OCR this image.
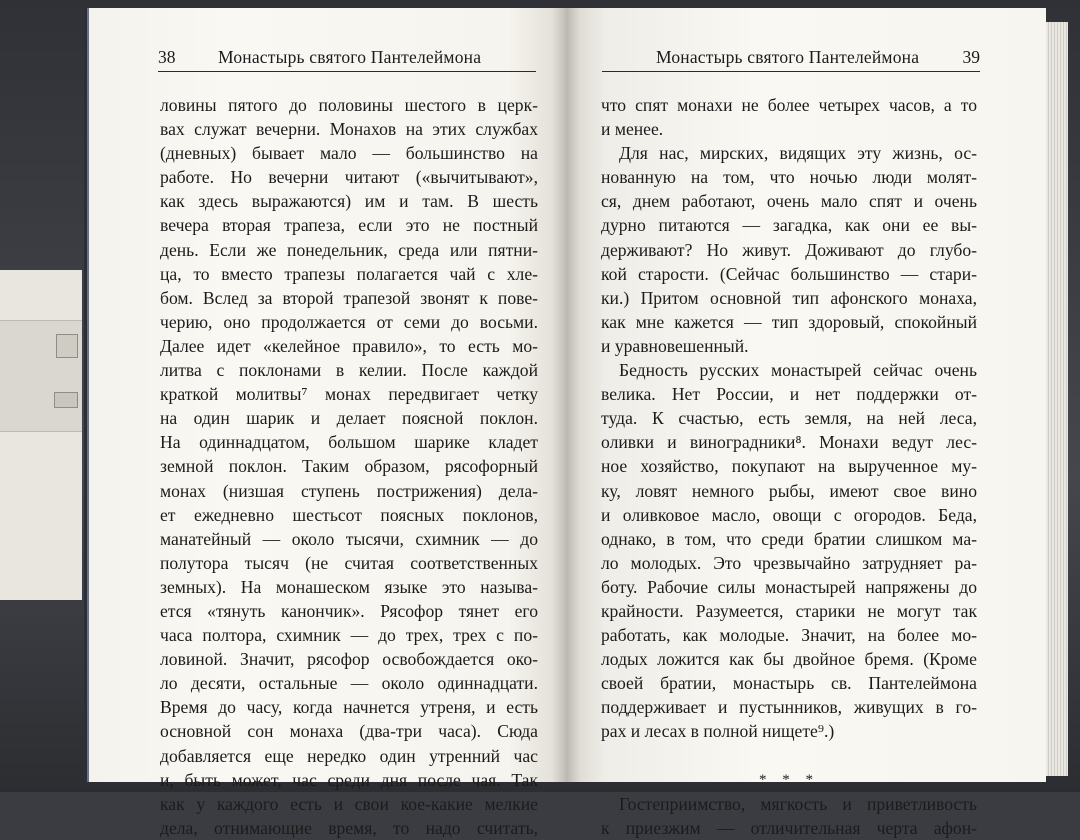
38 Монастырь святого Пантелеймона	Монастырь святого Пантелеймона 39
ловины пятого до половины шестого в церк-
вах служат вечерни. Монахов на этих службах
(дневных) бывает мало — большинство на
работе. Но вечерни читают («вычитывают»,
как здесь выражаются) им и там. В шесть
вечера вторая трапеза, если это не постный
день. Если же понедельник, среда или пятни-
ца, то вместо трапезы полагается чай с хле-
бом. Вслед за второй трапезой звонят к пове-
черию, оно продолжается от семи до восьми.
Далее идет «келейное правило», то есть мо-
литва с поклонами в келии. После каждой
краткой молитвы⁷ монах передвигает четку
на один шарик и делает поясной поклон.
На одиннадцатом, большом шарике кладет
земной поклон. Таким образом, рясофорный
монах (низшая ступень пострижения) дела-
ет ежедневно шестьсот поясных поклонов,
манатейный — около тысячи, схимник — до
полутора тысяч (не считая соответственных
земных). На монашеском языке это называ-
ется «тянуть канончик». Рясофор тянет его
часа полтора, схимник — до трех, трех с по-
ловиной. Значит, рясофор освобождается око-
ло десяти, остальные — около одиннадцати.
Время до часу, когда начнется утреня, и есть
основной сон монаха (два-три часа). Сюда
добавляется еще нередко один утренний час
и, быть может, час среди дня после чая. Так
как у каждого есть и свои кое-какие мелкие
дела, отнимающие время, то надо считать,
что спят монахи не более четырех часов, а то
и менее.
Для нас, мирских, видящих эту жизнь, ос-
нованную на том, что ночью люди молят-
ся, днем работают, очень мало спят и очень
дурно питаются — загадка, как они ее вы-
держивают? Но живут. Доживают до глубо-
кой старости. (Сейчас большинство — стари-
ки.) Притом основной тип афонского монаха,
как мне кажется — тип здоровый, спокойный
и уравновешенный.
Бедность русских монастырей сейчас очень
велика. Нет России, и нет поддержки от-
туда. К счастью, есть земля, на ней леса,
оливки и виноградники⁸. Монахи ведут лес-
ное хозяйство, покупают на вырученное му-
ку, ловят немного рыбы, имеют свое вино
и оливковое масло, овощи с огородов. Беда,
однако, в том, что среди братии слишком ма-
ло молодых. Это чрезвычайно затрудняет ра-
боту. Рабочие силы монастырей напряжены до
крайности. Разумеется, старики не могут так
работать, как молодые. Значит, на более мо-
лодых ложится как бы двойное бремя. (Кроме
своей братии, монастырь св. Пантелеймона
поддерживает и пустынников, живущих в го-
рах и лесах в полной нищете⁹.)
* * *
Гостеприимство, мягкость и приветливость
к приезжим — отличительная черта афон-
